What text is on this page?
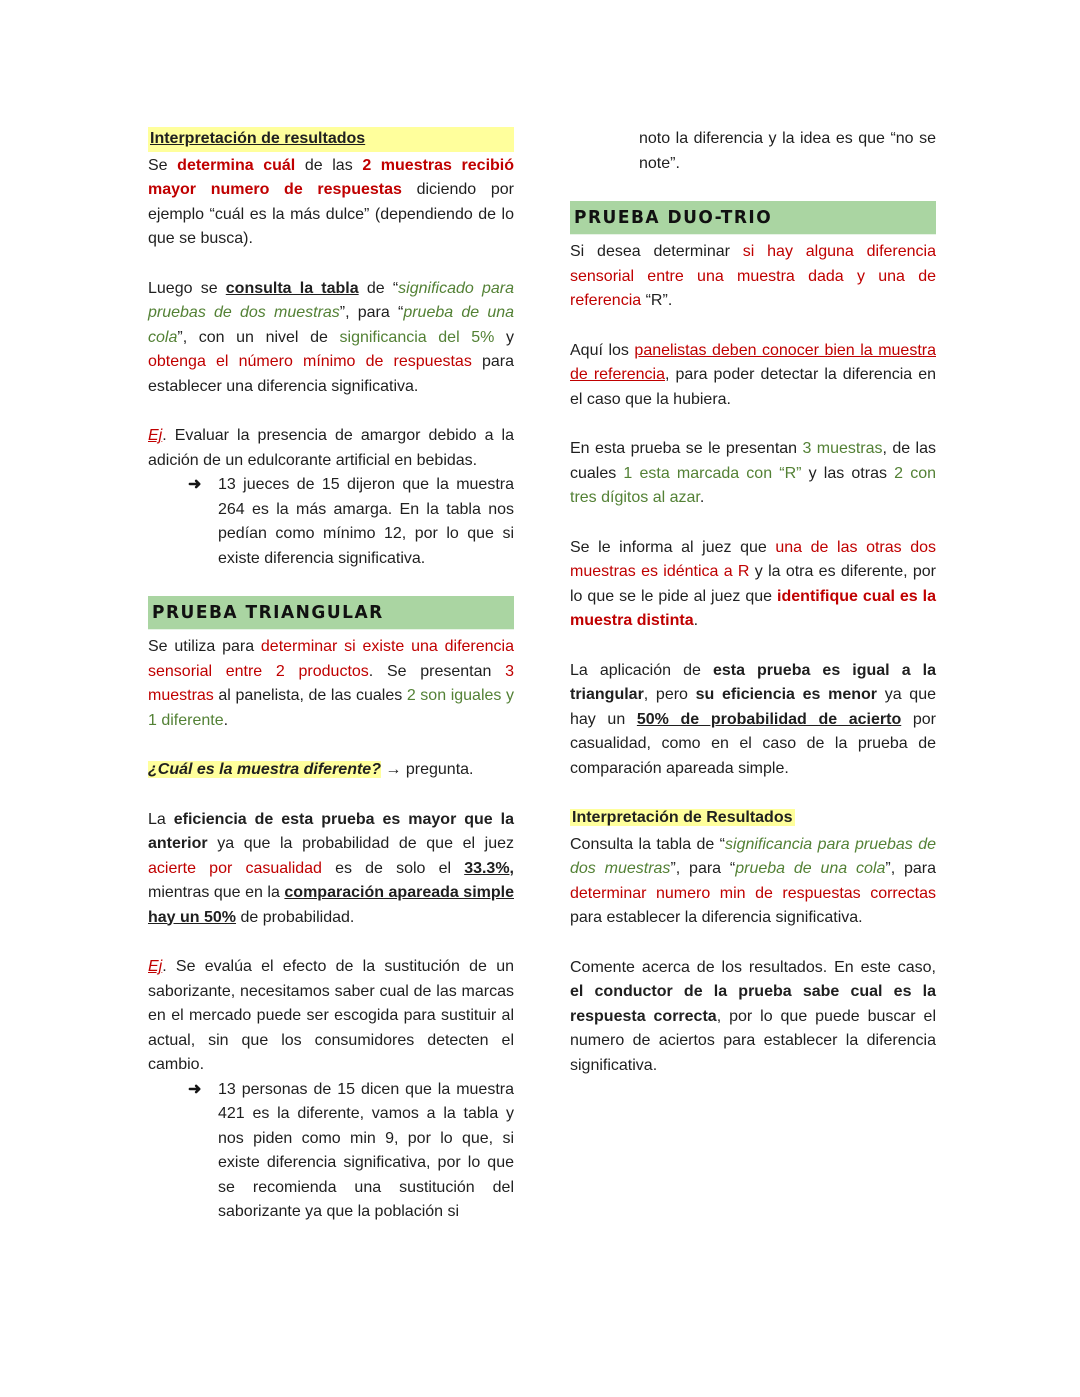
Interpretación de resultados

Se determina cuál de las 2 muestras recibió mayor numero de respuestas diciendo por ejemplo “cuál es la más dulce” (dependiendo de lo que se busca).

Luego se consulta la tabla de “significado para pruebas de dos muestras”, para “prueba de una cola”, con un nivel de significancia del 5% y obtenga el número mínimo de respuestas para establecer una diferencia significativa.

Ej. Evaluar la presencia de amargor debido a la adición de un edulcorante artificial en bebidas.

➜	13 jueces de 15 dijeron que la muestra 264 es la más amarga. En la tabla nos pedían como mínimo 12, por lo que si existe diferencia significativa.
PRUEBA TRIANGULAR

Se utiliza para determinar si existe una diferencia sensorial entre 2 productos. Se presentan 3 muestras al panelista, de las cuales 2 son iguales y 1 diferente.

¿Cuál es la muestra diferente? → pregunta.

La eficiencia de esta prueba es mayor que la anterior ya que la probabilidad de que el juez acierte por casualidad es de solo el 33.3%, mientras que en la comparación apareada simple hay un 50% de probabilidad.

Ej. Se evalúa el efecto de la sustitución de un saborizante, necesitamos saber cual de las marcas en el mercado puede ser escogida para sustituir al actual, sin que los consumidores detecten el cambio.

➜	13 personas de 15 dicen que la muestra 421 es la diferente, vamos a la tabla y nos piden como min 9, por lo que, si existe diferencia significativa, por lo que se recomienda una sustitución del saborizante ya que la población si

noto la diferencia y la idea es que “no se note”.

PRUEBA DUO-TRIO

Si desea determinar si hay alguna diferencia sensorial entre una muestra dada y una de referencia “R”.

Aquí los panelistas deben conocer bien la muestra de referencia, para poder detectar la diferencia en el caso que la hubiera.

En esta prueba se le presentan 3 muestras, de las cuales 1 esta marcada con “R” y las otras 2 con tres dígitos al azar.

Se le informa al juez que una de las otras dos muestras es idéntica a R y la otra es diferente, por lo que se le pide al juez que identifique cual es la muestra distinta.

La aplicación de esta prueba es igual a la triangular, pero su eficiencia es menor ya que hay un 50% de probabilidad de acierto por casualidad, como en el caso de la prueba de comparación apareada simple.

Interpretación de Resultados

Consulta la tabla de “significancia para pruebas de dos muestras”, para “prueba de una cola”, para determinar numero min de respuestas correctas para establecer la diferencia significativa.

Comente acerca de los resultados. En este caso, el conductor de la prueba sabe cual es la respuesta correcta, por lo que puede buscar el numero de aciertos para establecer la diferencia significativa.
